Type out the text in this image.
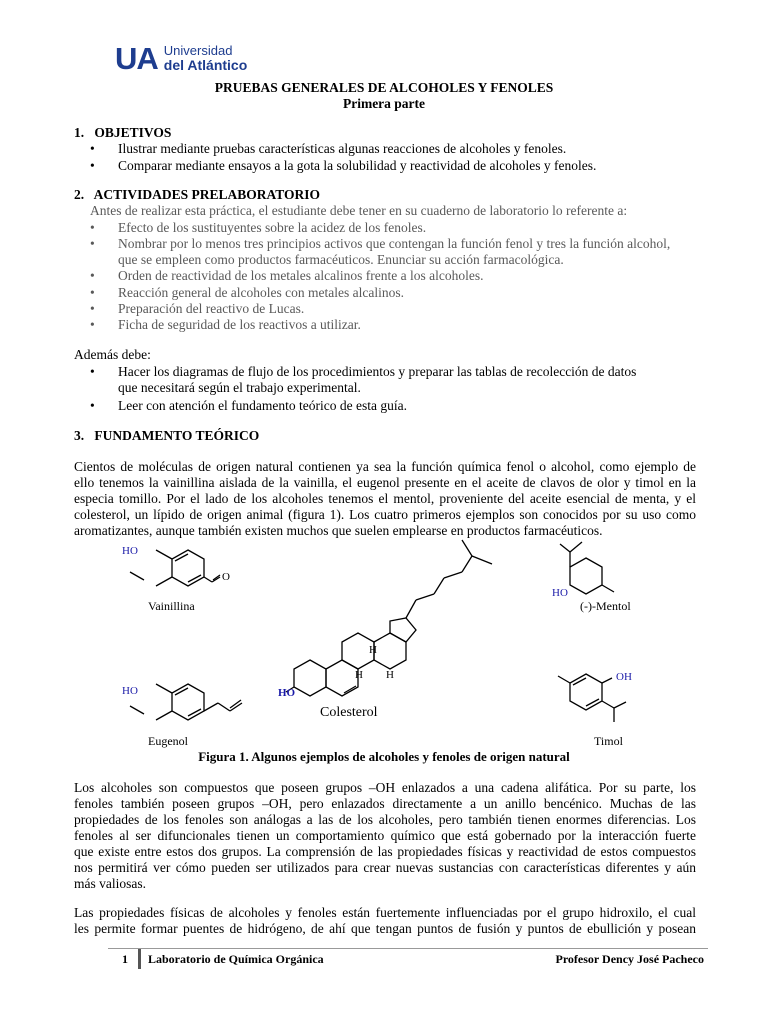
UA Universidad
del Atlántico
PRUEBAS GENERALES DE ALCOHOLES Y FENOLES
Primera parte
1. OBJETIVOS
• Ilustrar mediante pruebas características algunas reacciones de alcoholes y fenoles.
• Comparar mediante ensayos a la gota la solubilidad y reactividad de alcoholes y fenoles.
2. ACTIVIDADES PRELABORATORIO
Antes de realizar esta práctica, el estudiante debe tener en su cuaderno de laboratorio lo referente a:
• Efecto de los sustituyentes sobre la acidez de los fenoles.
• Nombrar por lo menos tres principios activos que contengan la función fenol y tres la función alcohol,
que se empleen como productos farmacéuticos. Enunciar su acción farmacológica.
• Orden de reactividad de los metales alcalinos frente a los alcoholes.
• Reacción general de alcoholes con metales alcalinos.
• Preparación del reactivo de Lucas.
• Ficha de seguridad de los reactivos a utilizar.
Además debe:
• Hacer los diagramas de flujo de los procedimientos y preparar las tablas de recolección de datos
que necesitará según el trabajo experimental.
• Leer con atención el fundamento teórico de esta guía.
3. FUNDAMENTO TEÓRICO
Cientos de moléculas de origen natural contienen ya sea la función química fenol o alcohol, como ejemplo de
ello tenemos la vainillina aislada de la vainilla, el eugenol presente en el aceite de clavos de olor y timol en la
especia tomillo. Por el lado de los alcoholes tenemos el mentol, proveniente del aceite esencial de menta, y el
colesterol, un lípido de origen animal (figura 1). Los cuatro primeros ejemplos son conocidos por su uso como
aromatizantes, aunque también existen muchos que suelen emplearse en productos farmacéuticos.
HO
O
Vainillina
HO
Eugenol
HO
H
H H
Colesterol
HO
(-)-Mentol
OH
Timol
Figura 1. Algunos ejemplos de alcoholes y fenoles de origen natural
Los alcoholes son compuestos que poseen grupos –OH enlazados a una cadena alifática. Por su parte, los
fenoles también poseen grupos –OH, pero enlazados directamente a un anillo bencénico. Muchas de las
propiedades de los fenoles son análogas a las de los alcoholes, pero también tienen enormes diferencias. Los
fenoles al ser difuncionales tienen un comportamiento químico que está gobernado por la interacción fuerte
que existe entre estos dos grupos. La comprensión de las propiedades físicas y reactividad de estos compuestos
nos permitirá ver cómo pueden ser utilizados para crear nuevas sustancias con características diferentes y aún
más valiosas.
Las propiedades físicas de alcoholes y fenoles están fuertemente influenciadas por el grupo hidroxilo, el cual
les permite formar puentes de hidrógeno, de ahí que tengan puntos de fusión y puntos de ebullición y posean
1 Laboratorio de Química Orgánica	Profesor Dency José Pacheco
